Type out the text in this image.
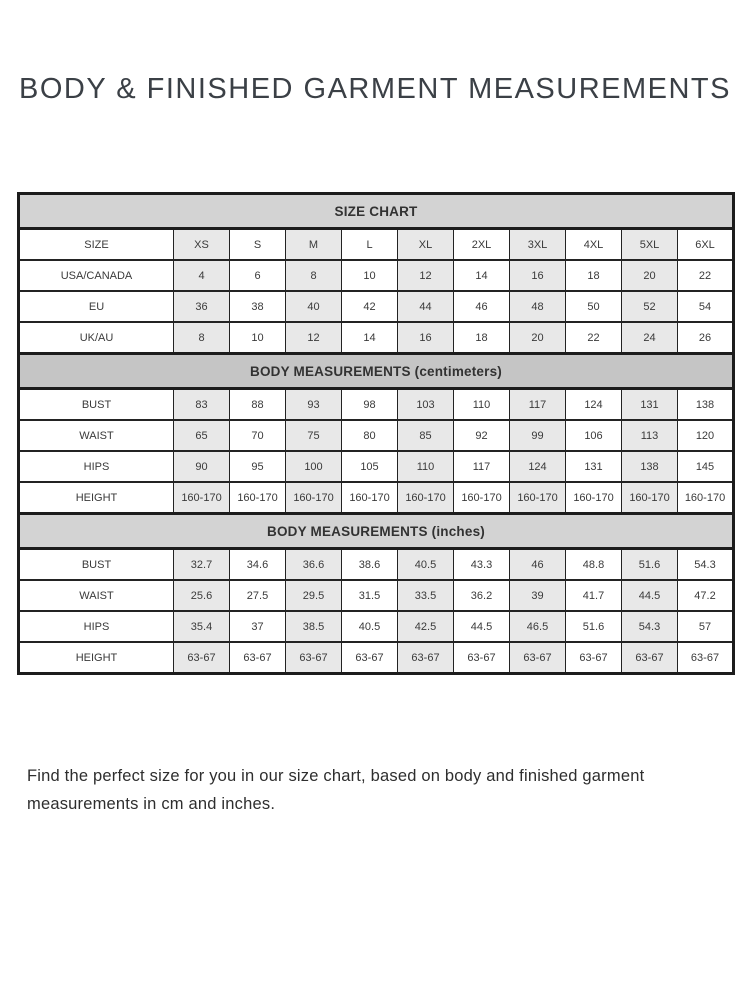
BODY & FINISHED GARMENT MEASUREMENTS
SIZE CHART										
SIZE	XS	S	M	L	XL	2XL	3XL	4XL	5XL	6XL
USA/CANADA	4	6	8	10	12	14	16	18	20	22
EU	36	38	40	42	44	46	48	50	52	54
UK/AU	8	10	12	14	16	18	20	22	24	26
BODY MEASUREMENTS (centimeters)										
BUST	83	88	93	98	103	110	117	124	131	138
WAIST	65	70	75	80	85	92	99	106	113	120
HIPS	90	95	100	105	110	117	124	131	138	145
HEIGHT	160-170	160-170	160-170	160-170	160-170	160-170	160-170	160-170	160-170	160-170
BODY MEASUREMENTS (inches)										
BUST	32.7	34.6	36.6	38.6	40.5	43.3	46	48.8	51.6	54.3
WAIST	25.6	27.5	29.5	31.5	33.5	36.2	39	41.7	44.5	47.2
HIPS	35.4	37	38.5	40.5	42.5	44.5	46.5	51.6	54.3	57
HEIGHT	63-67	63-67	63-67	63-67	63-67	63-67	63-67	63-67	63-67	63-67

Find the perfect size for you in our size chart, based on body and finished garment measurements in cm and inches.
